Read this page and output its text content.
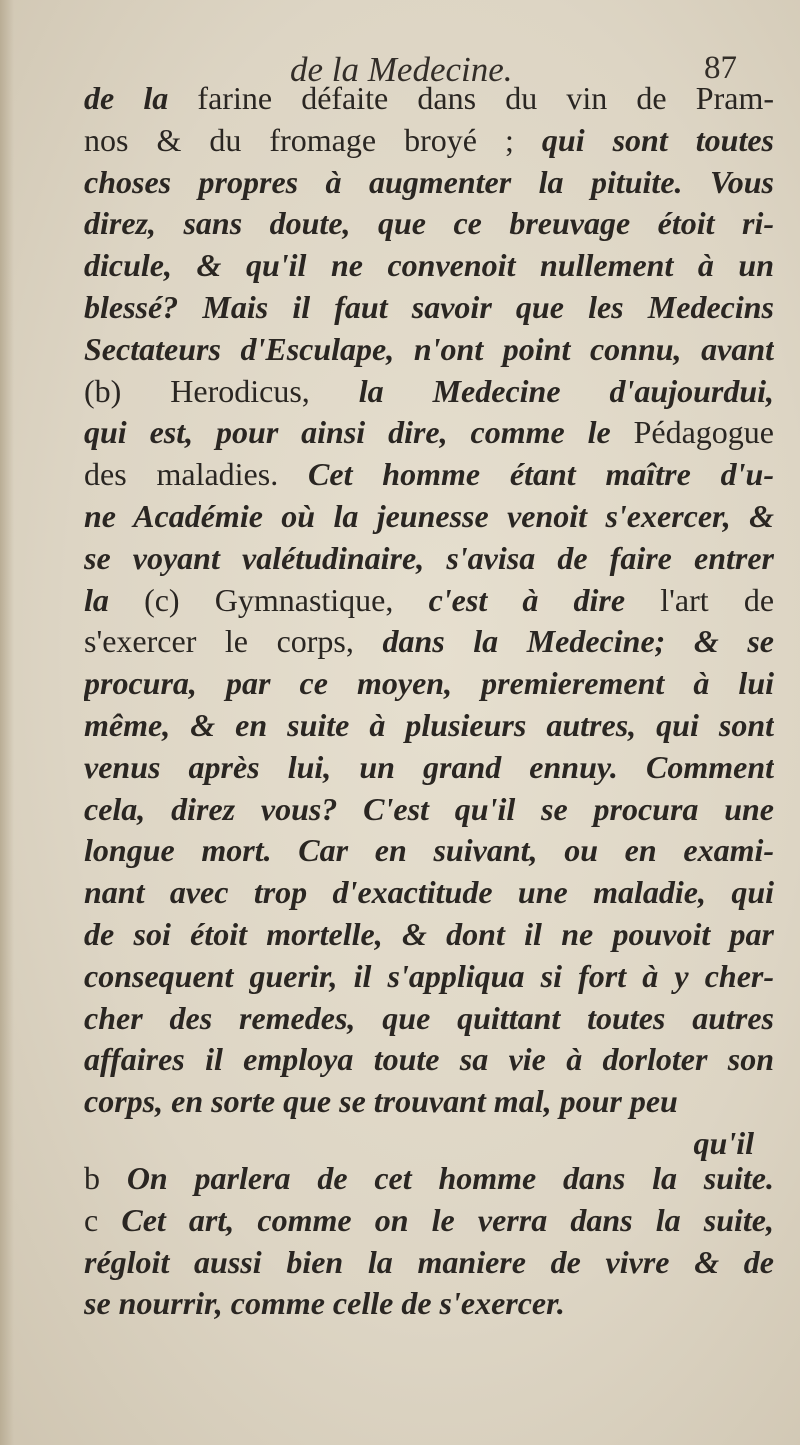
de la Medecine.	87
de la farine défaite dans du vin de Pram-
nos & du fromage broyé ; qui sont toutes
choses propres à augmenter la pituite. Vous
direz, sans doute, que ce breuvage étoit ri-
dicule, & qu'il ne convenoit nullement à un
blessé? Mais il faut savoir que les Medecins
Sectateurs d'Esculape, n'ont point connu, avant
(b) Herodicus, la Medecine d'aujourdui,
qui est, pour ainsi dire, comme le Pédagogue
des maladies. Cet homme étant maître d'u-
ne Académie où la jeunesse venoit s'exercer, &
se voyant valétudinaire, s'avisa de faire entrer
la (c) Gymnastique, c'est à dire l'art de
s'exercer le corps, dans la Medecine; & se
procura, par ce moyen, premierement à lui
même, & en suite à plusieurs autres, qui sont
venus après lui, un grand ennuy. Comment
cela, direz vous? C'est qu'il se procura une
longue mort. Car en suivant, ou en exami-
nant avec trop d'exactitude une maladie, qui
de soi étoit mortelle, & dont il ne pouvoit par
consequent guerir, il s'appliqua si fort à y cher-
cher des remedes, que quittant toutes autres
affaires il employa toute sa vie à dorloter son
corps, en sorte que se trouvant mal, pour peu
qu'il
b On parlera de cet homme dans la suite.
c Cet art, comme on le verra dans la suite,
régloit aussi bien la maniere de vivre & de
se nourrir, comme celle de s'exercer.
